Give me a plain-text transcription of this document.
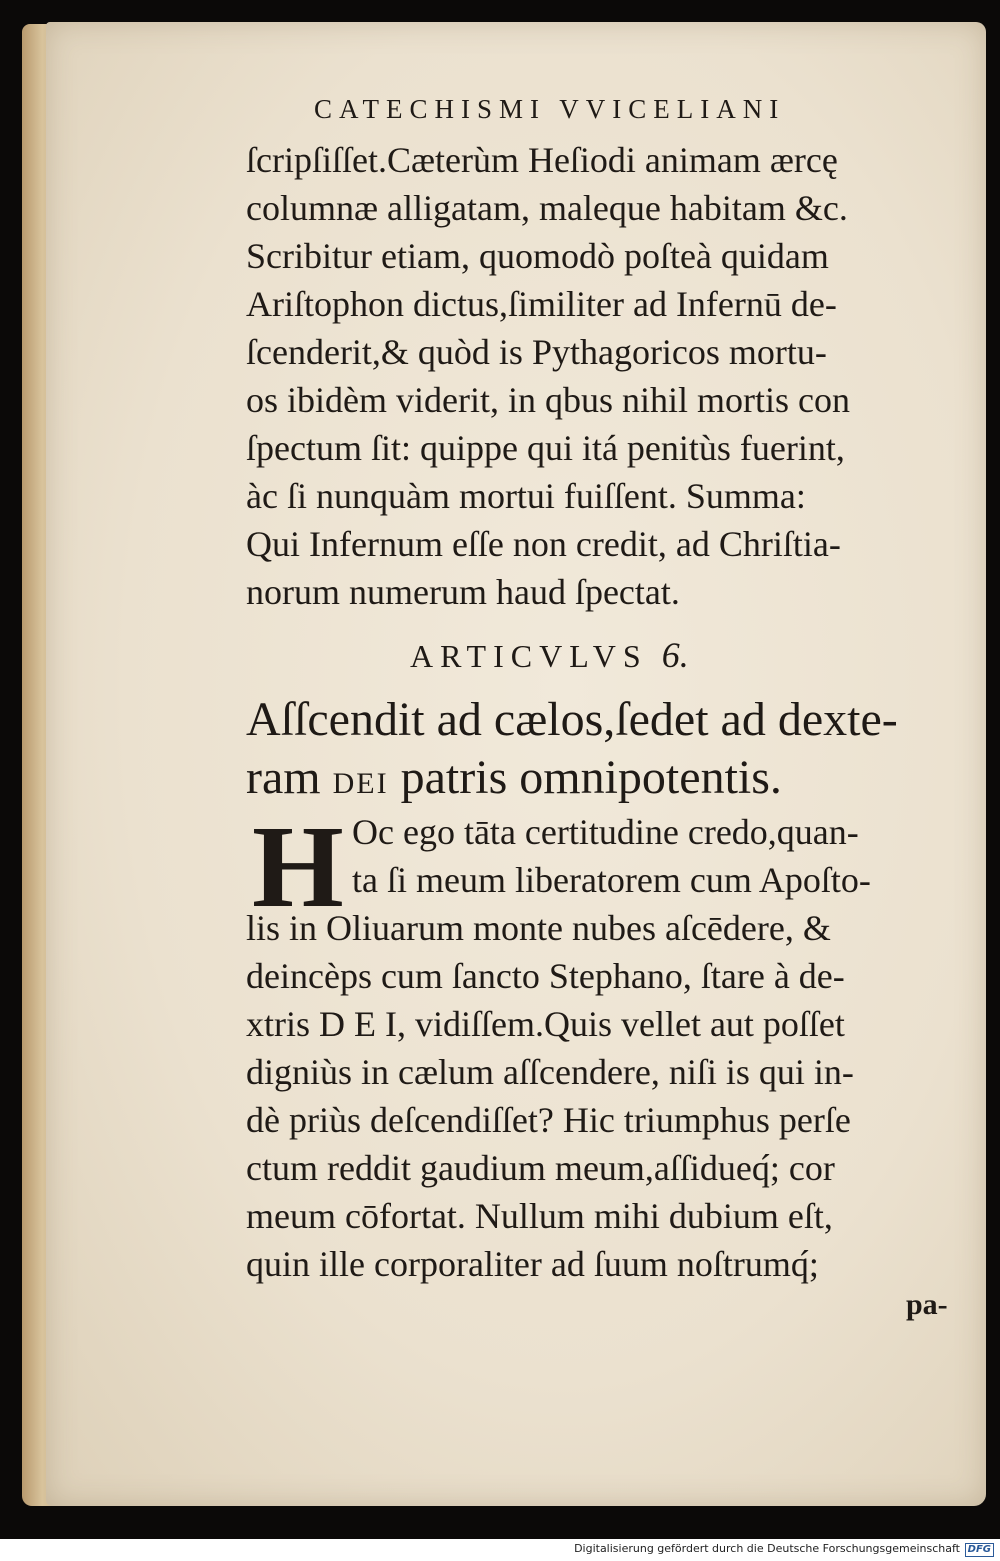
CATECHISMI VVICELIANI
ſcripſiſſet.Cæterùm Heſiodi animam ærcę
columnæ alligatam, maleque habitam &c.
Scribitur etiam, quomodò poſteà quidam
Ariſtophon dictus,ſimiliter ad Infernū de-
ſcenderit,& quòd is Pythagoricos mortu-
os ibidèm viderit, in qbus nihil mortis con
ſpectum ſit: quippe qui itá penitùs fuerint,
àc ſi nunquàm mortui fuiſſent. Summa:
Qui Infernum eſſe non credit, ad Chriſtia-
norum numerum haud ſpectat.
ARTICVLVS 6.
Aſſcendit ad cælos,ſedet ad dexte-
ram DEI patris omnipotentis.
H Oc ego tāta certitudine credo,quan-
ta ſi meum liberatorem cum Apoſto-
lis in Oliuarum monte nubes aſcēdere, &
deincèps cum ſancto Stephano, ſtare à de-
xtris D E I, vidiſſem.Quis vellet aut poſſet
digniùs in cælum aſſcendere, niſi is qui in-
dè priùs deſcendiſſet? Hic triumphus perſe
ctum reddit gaudium meum,aſſidueq́; cor
meum cōfortat. Nullum mihi dubium eſt,
quin ille corporaliter ad ſuum noſtrumq́;
pa-
Digitalisierung gefördert durch die Deutsche Forschungsgemeinschaft DFG
